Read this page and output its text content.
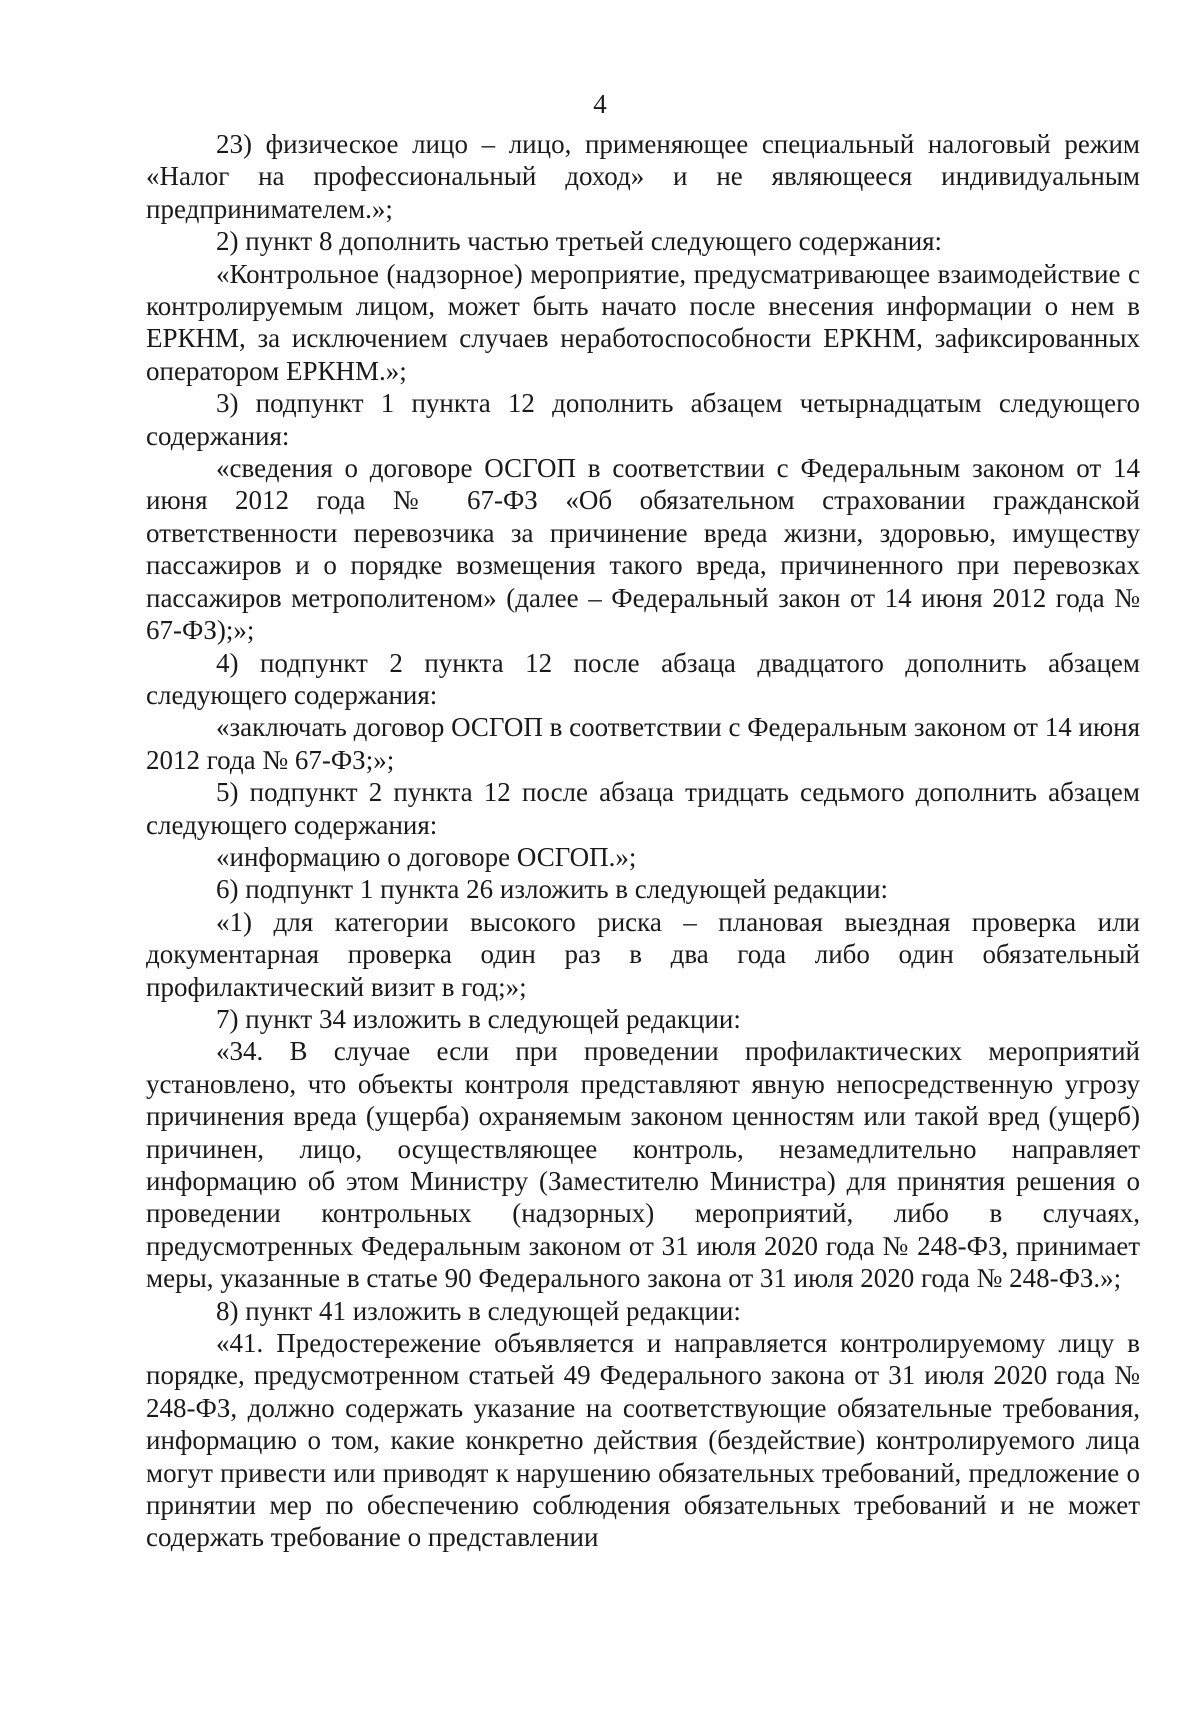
4

23) физическое лицо – лицо, применяющее специальный налоговый режим «Налог на профессиональный доход» и не являющееся индивидуальным предпринимателем.»;

2) пункт 8 дополнить частью третьей следующего содержания:

«Контрольное (надзорное) мероприятие, предусматривающее взаимодействие с контролируемым лицом, может быть начато после внесения информации о нем в ЕРКНМ, за исключением случаев неработоспособности ЕРКНМ, зафиксированных оператором ЕРКНМ.»;

3) подпункт 1 пункта 12 дополнить абзацем четырнадцатым следующего содержания:

«сведения о договоре ОСГОП в соответствии с Федеральным законом от 14 июня 2012 года № 67-ФЗ «Об обязательном страховании гражданской ответственности перевозчика за причинение вреда жизни, здоровью, имуществу пассажиров и о порядке возмещения такого вреда, причиненного при перевозках пассажиров метрополитеном» (далее – Федеральный закон от 14 июня 2012 года № 67-ФЗ);»;

4) подпункт 2 пункта 12 после абзаца двадцатого дополнить абзацем следующего содержания:

«заключать договор ОСГОП в соответствии с Федеральным законом от 14 июня 2012 года № 67-ФЗ;»;

5) подпункт 2 пункта 12 после абзаца тридцать седьмого дополнить абзацем следующего содержания:

«информацию о договоре ОСГОП.»;

6) подпункт 1 пункта 26 изложить в следующей редакции:

«1) для категории высокого риска – плановая выездная проверка или документарная проверка один раз в два года либо один обязательный профилактический визит в год;»;

7) пункт 34 изложить в следующей редакции:

«34. В случае если при проведении профилактических мероприятий установлено, что объекты контроля представляют явную непосредственную угрозу причинения вреда (ущерба) охраняемым законом ценностям или такой вред (ущерб) причинен, лицо, осуществляющее контроль, незамедлительно направляет информацию об этом Министру (Заместителю Министра) для принятия решения о проведении контрольных (надзорных) мероприятий, либо в случаях, предусмотренных Федеральным законом от 31 июля 2020 года № 248-ФЗ, принимает меры, указанные в статье 90 Федерального закона от 31 июля 2020 года № 248-ФЗ.»;

8) пункт 41 изложить в следующей редакции:

«41. Предостережение объявляется и направляется контролируемому лицу в порядке, предусмотренном статьей 49 Федерального закона от 31 июля 2020 года № 248-ФЗ, должно содержать указание на соответствующие обязательные требования, информацию о том, какие конкретно действия (бездействие) контролируемого лица могут привести или приводят к нарушению обязательных требований, предложение о принятии мер по обеспечению соблюдения обязательных требований и не может содержать требование о представлении
